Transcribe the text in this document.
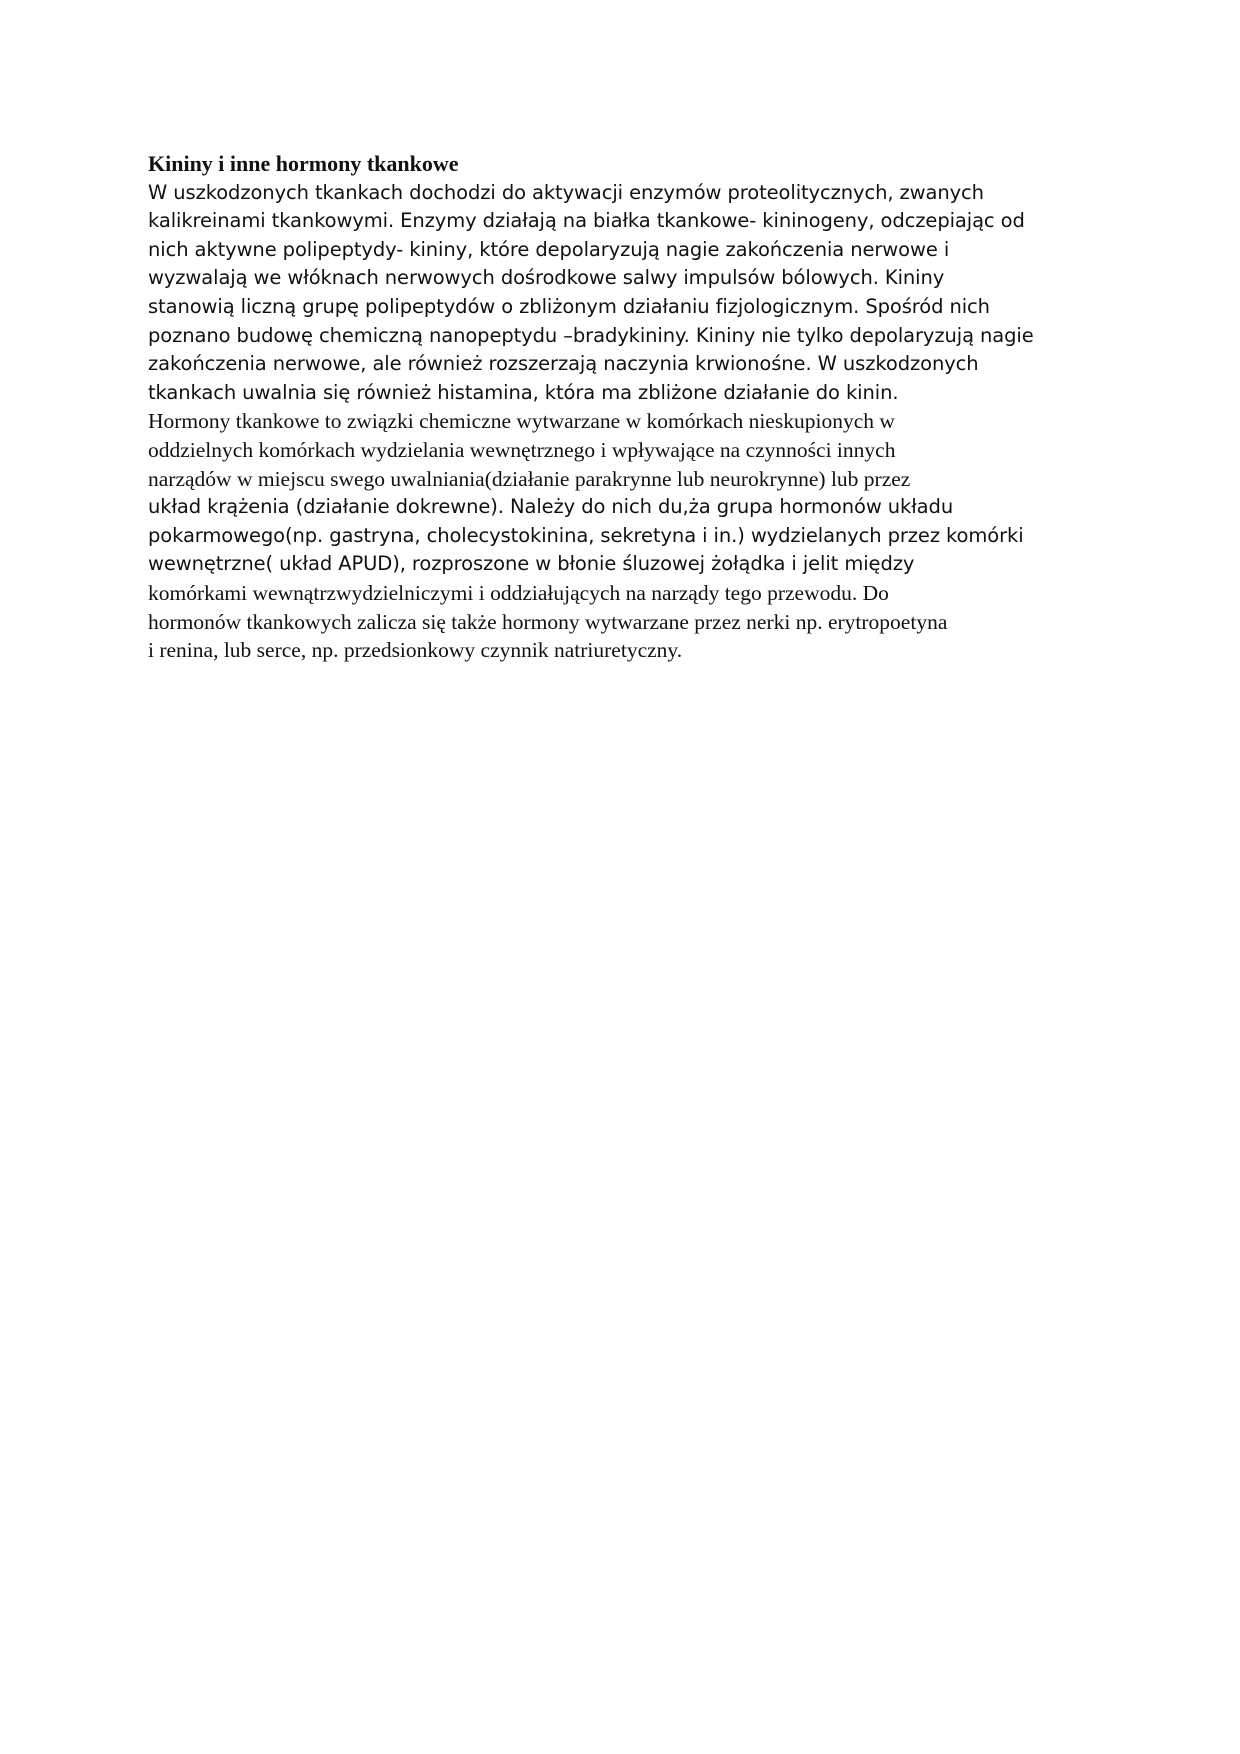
Kininy i inne hormony tkankowe

W uszkodzonych tkankach dochodzi do aktywacji enzymów proteolitycznych, zwanych

kalikreinami tkankowymi. Enzymy działają na białka tkankowe- kininogeny, odczepiając od

nich aktywne polipeptydy- kininy, które depolaryzują nagie zakończenia nerwowe i

wyzwalają we włóknach nerwowych dośrodkowe salwy impulsów bólowych. Kininy

stanowią liczną grupę polipeptydów o zbliżonym działaniu fizjologicznym. Spośród nich

poznano budowę chemiczną nanopeptydu –bradykininy. Kininy nie tylko depolaryzują nagie

zakończenia nerwowe, ale również rozszerzają naczynia krwionośne. W uszkodzonych

tkankach uwalnia się również histamina, która ma zbliżone działanie do kinin.

Hormony tkankowe to związki chemiczne wytwarzane w komórkach nieskupionych w

oddzielnych komórkach wydzielania wewnętrznego i wpływające na czynności innych

narządów w miejscu swego uwalniania(działanie parakrynne lub neurokrynne) lub przez

układ krążenia (działanie dokrewne). Należy do nich du,ża grupa hormonów układu

pokarmowego(np. gastryna, cholecystokinina, sekretyna i in.) wydzielanych przez komórki

wewnętrzne( układ APUD), rozproszone w błonie śluzowej żołądka i jelit między

komórkami wewnątrzwydzielniczymi i oddziałujących na narządy tego przewodu. Do

hormonów tkankowych zalicza się także hormony wytwarzane przez nerki np. erytropoetyna

i renina, lub serce, np. przedsionkowy czynnik natriuretyczny.
